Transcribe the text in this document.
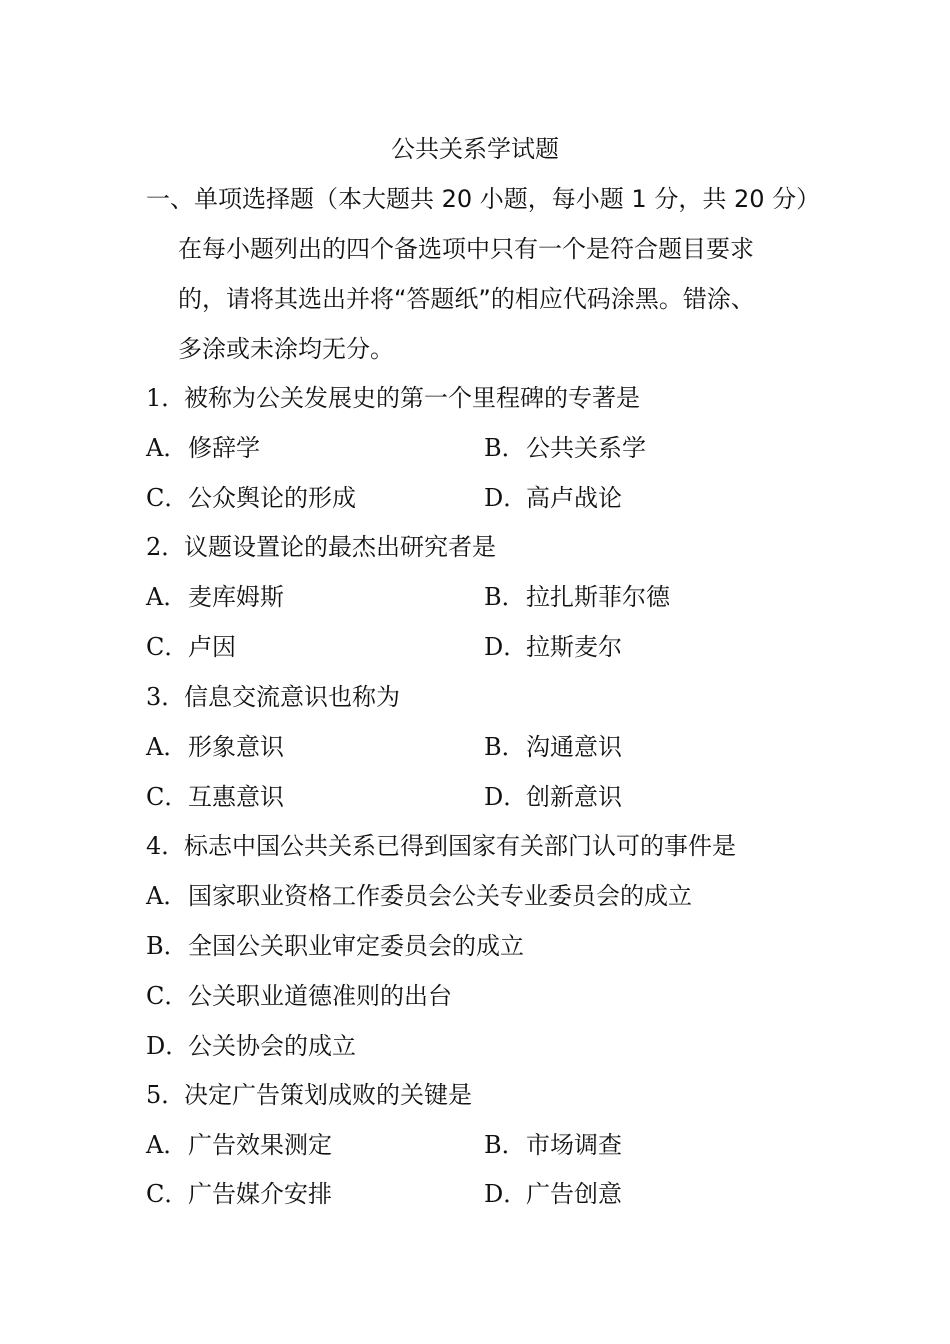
公共关系学试题
一、单项选择题（本大题共 20 小题，每小题 1 分，共 20 分）
在每小题列出的四个备选项中只有一个是符合题目要求
的，请将其选出并将“答题纸”的相应代码涂黑。错涂、
多涂或未涂均无分。
1．被称为公关发展史的第一个里程碑的专著是
A．修辞学	B．公共关系学
C．公众舆论的形成	D．高卢战论
2．议题设置论的最杰出研究者是
A．麦库姆斯	B．拉扎斯菲尔德
C．卢因	D．拉斯麦尔
3．信息交流意识也称为
A．形象意识	B．沟通意识
C．互惠意识	D．创新意识
4．标志中国公共关系已得到国家有关部门认可的事件是
A．国家职业资格工作委员会公关专业委员会的成立
B．全国公关职业审定委员会的成立
C．公关职业道德准则的出台
D．公关协会的成立
5．决定广告策划成败的关键是
A．广告效果测定	B．市场调查
C．广告媒介安排	D．广告创意
